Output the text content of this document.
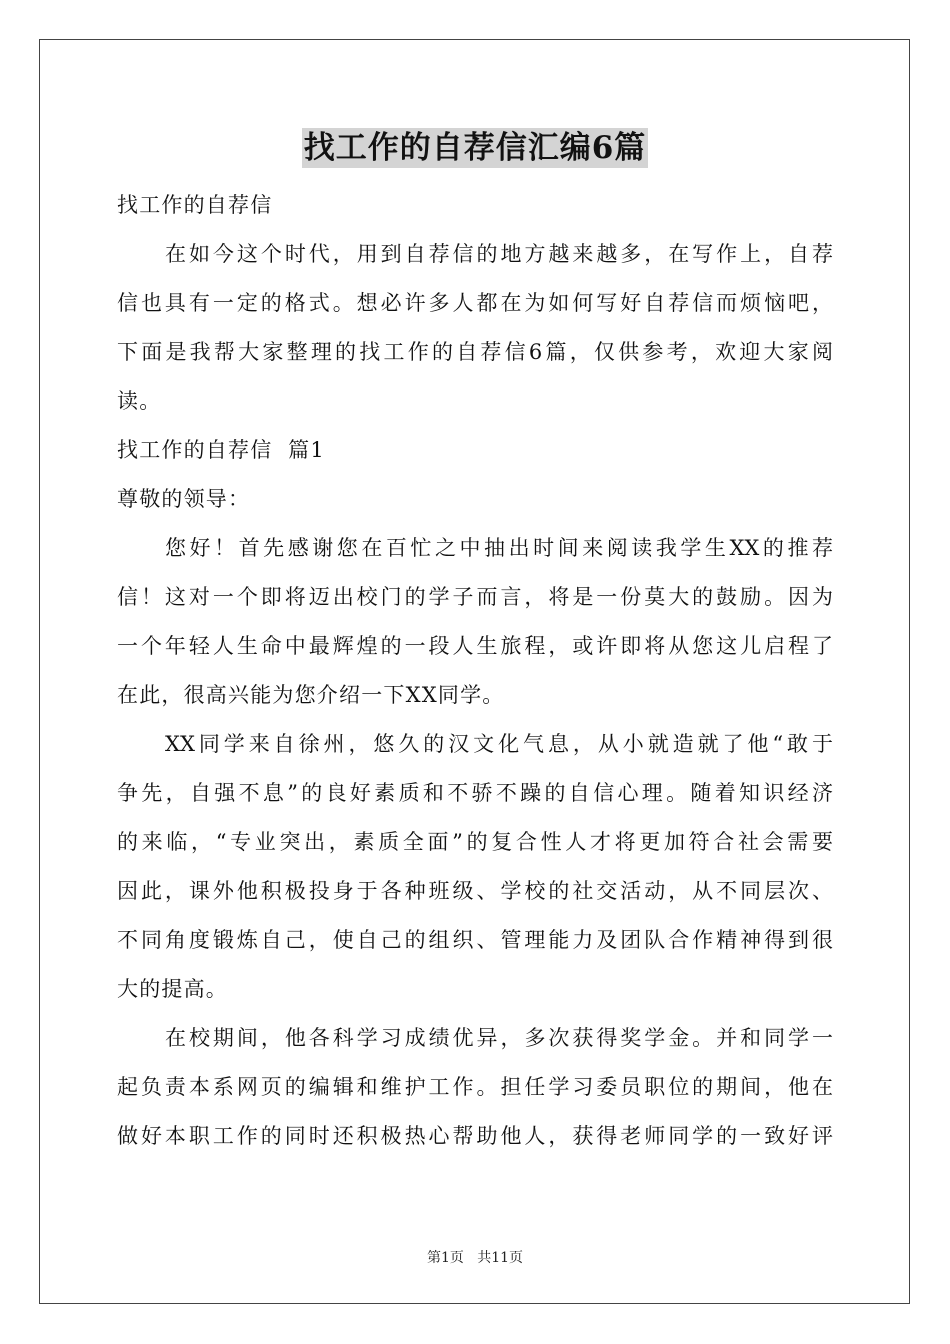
找工作的自荐信汇编6篇
找工作的自荐信
在如今这个时代，用到自荐信的地方越来越多，在写作上，自荐
信也具有一定的格式。想必许多人都在为如何写好自荐信而烦恼吧，
下面是我帮大家整理的找工作的自荐信6篇，仅供参考，欢迎大家阅
读。
找工作的自荐信  篇1
尊敬的领导：
您好！首先感谢您在百忙之中抽出时间来阅读我学生XX的推荐
信！这对一个即将迈出校门的学子而言，将是一份莫大的鼓励。因为
一个年轻人生命中最辉煌的一段人生旅程，或许即将从您这儿启程了
在此，很高兴能为您介绍一下XX同学。
XX同学来自徐州，悠久的汉文化气息，从小就造就了他“敢于
争先，自强不息”的良好素质和不骄不躁的自信心理。随着知识经济
的来临，“专业突出，素质全面”的复合性人才将更加符合社会需要
因此，课外他积极投身于各种班级、学校的社交活动，从不同层次、
不同角度锻炼自己，使自己的组织、管理能力及团队合作精神得到很
大的提高。
在校期间，他各科学习成绩优异，多次获得奖学金。并和同学一
起负责本系网页的编辑和维护工作。担任学习委员职位的期间，他在
做好本职工作的同时还积极热心帮助他人，获得老师同学的一致好评
第1页   共11页
